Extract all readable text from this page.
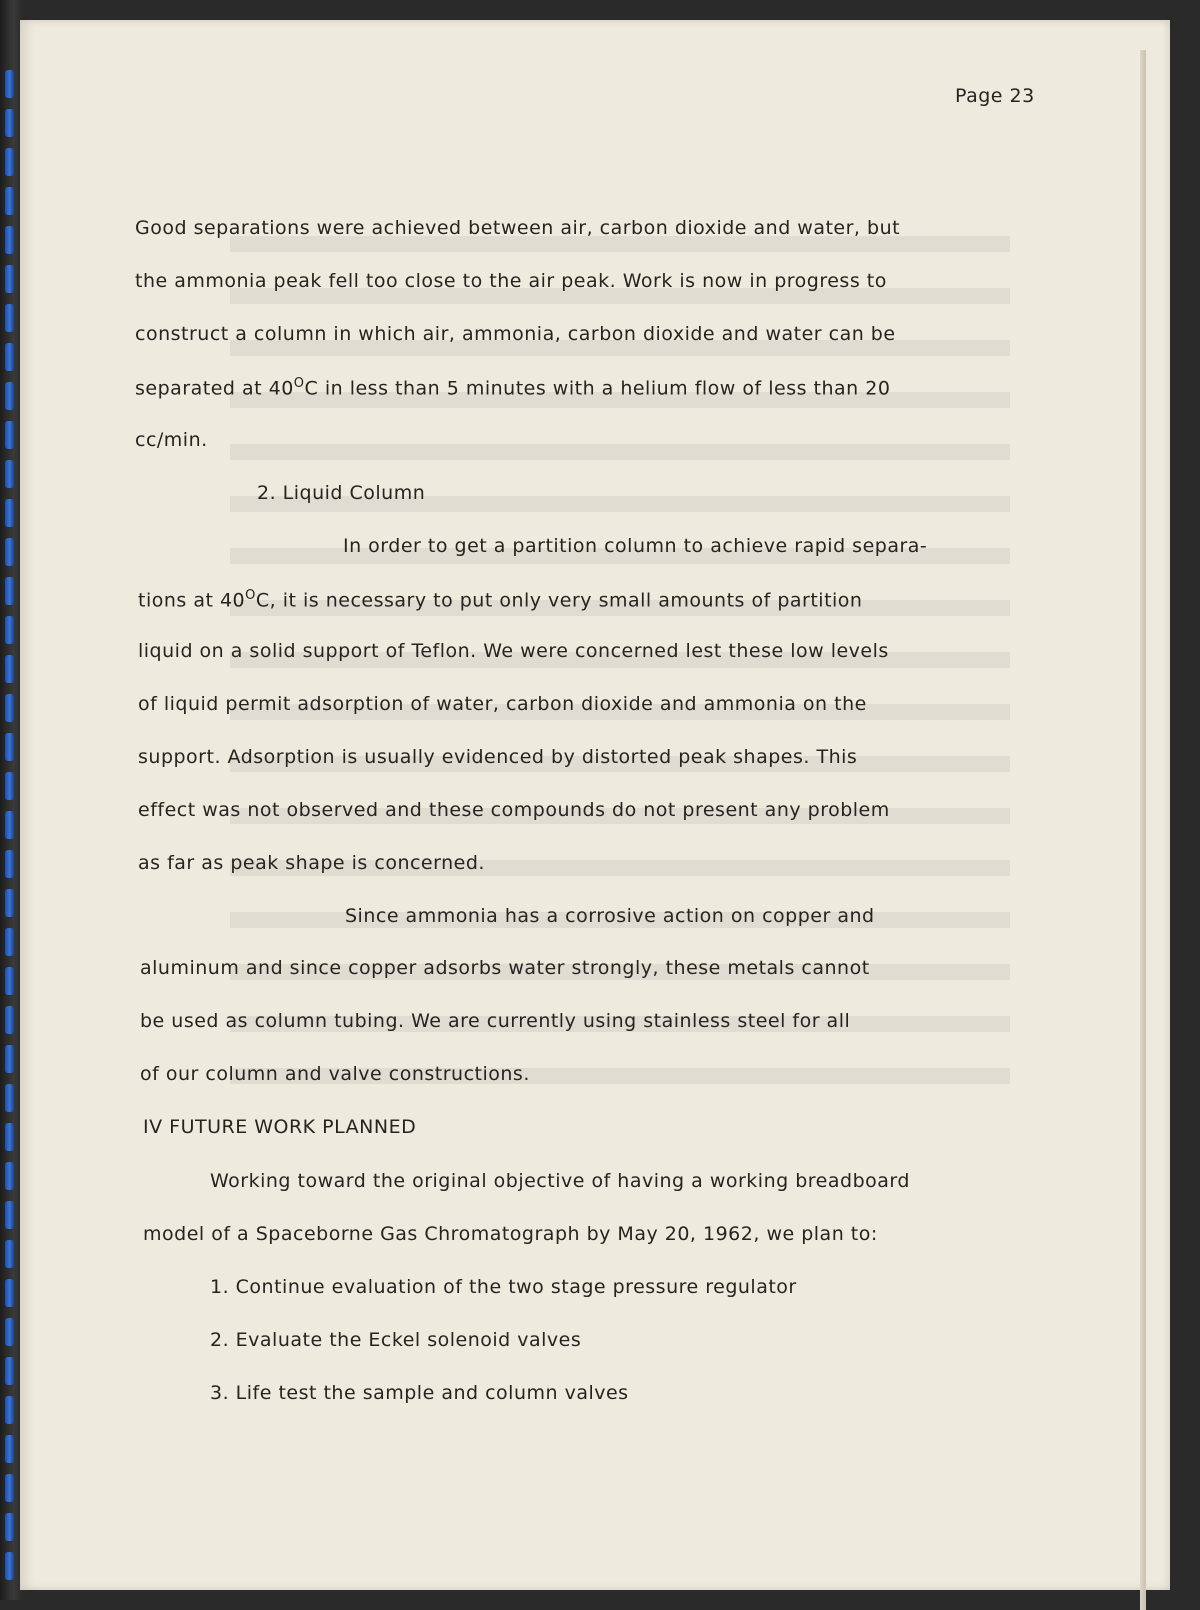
Page 23
Good separations were achieved between air, carbon dioxide and water, but
the ammonia peak fell too close to the air peak. Work is now in progress to
construct a column in which air, ammonia, carbon dioxide and water can be
separated at $40^OC$ in less than 5 minutes with a helium flow of less than 20
cc/min.
2. Liquid Column
In order to get a partition column to achieve rapid separa-
tions at $40^OC$, it is necessary to put only very small amounts of partition
liquid on a solid support of Teflon. We were concerned lest these low levels
of liquid permit adsorption of water, carbon dioxide and ammonia on the
support. Adsorption is usually evidenced by distorted peak shapes. This
effect was not observed and these compounds do not present any problem
as far as peak shape is concerned.
Since ammonia has a corrosive action on copper and
aluminum and since copper adsorbs water strongly, these metals cannot
be used as column tubing. We are currently using stainless steel for all
of our column and valve constructions.
IV FUTURE WORK PLANNED
Working toward the original objective of having a working breadboard
model of a Spaceborne Gas Chromatograph by May 20, 1962, we plan to:
1. Continue evaluation of the two stage pressure regulator
2. Evaluate the Eckel solenoid valves
3. Life test the sample and column valves
